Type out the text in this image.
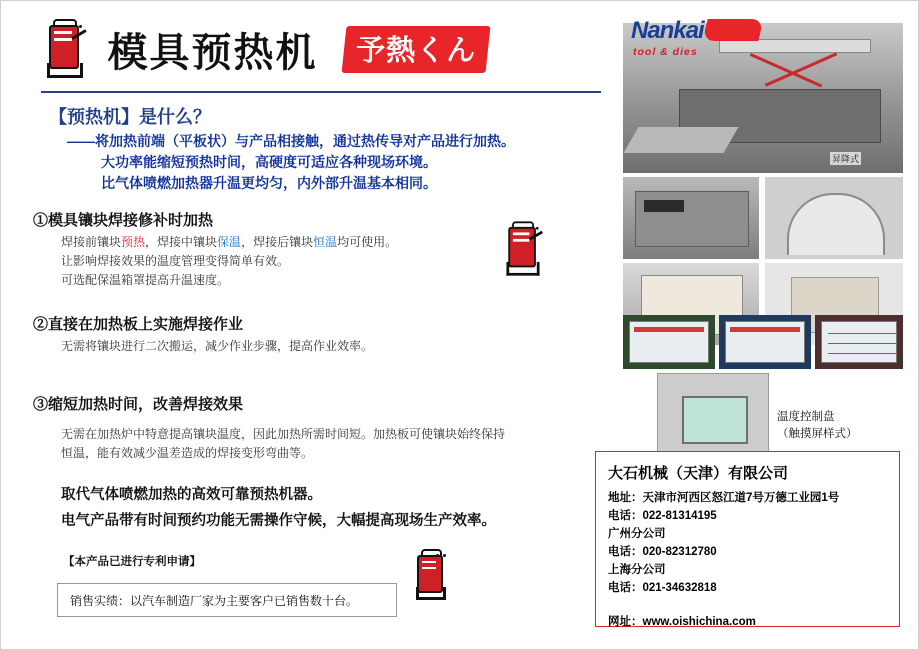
模具预热机 予熱くん
【预热机】是什么？
——将加热前端（平板状）与产品相接触，通过热传导对产品进行加热。
大功率能缩短预热时间，高硬度可适应各种现场环境。
比气体喷燃加热器升温更均匀，内外部升温基本相同。
①模具镶块焊接修补时加热
焊接前镶块预热，焊接中镶块保温，焊接后镶块恒温均可使用。
让影响焊接效果的温度管理变得简单有效。
可选配保温箱罩提高升温速度。
②直接在加热板上实施焊接作业
无需将镶块进行二次搬运，减少作业步骤，提高作业效率。
③缩短加热时间，改善焊接效果
无需在加热炉中特意提高镶块温度，因此加热所需时间短。加热板可使镶块始终保持
恒温，能有效减少温差造成的焊接变形弯曲等。
取代气体喷燃加热的高效可靠预热机器。
电气产品带有时间预约功能无需操作守候，大幅提高现场生产效率。
【本产品已进行专利申请】
销售实绩：以汽车制造厂家为主要客户已销售数十台。
昇降式
Nankai
tool & dies
温度控制盘
（触摸屏样式）
大石机械（天津）有限公司
地址：天津市河西区怒江道7号万德工业园1号
电话：022-81314195
广州分公司
电话：020-82312780
上海分公司
电话：021-34632818
网址：www.oishichina.com
